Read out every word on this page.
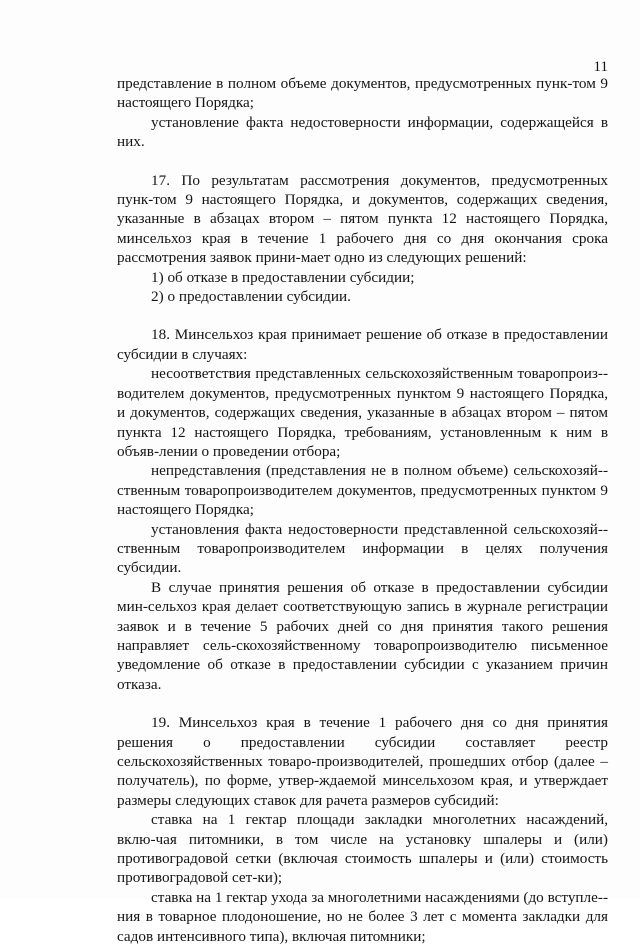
11

представление в полном объеме документов, предусмотренных пунк-том 9 настоящего Порядка;

установление факта недостоверности информации, содержащейся в них.

17. По результатам рассмотрения документов, предусмотренных пунк-том 9 настоящего Порядка, и документов, содержащих сведения, указанные в абзацах втором – пятом пункта 12 настоящего Порядка, минсельхоз края в течение 1 рабочего дня со дня окончания срока рассмотрения заявок прини-мает одно из следующих решений:

1) об отказе в предоставлении субсидии;

2) о предоставлении субсидии.

18. Минсельхоз края принимает решение об отказе в предоставлении субсидии в случаях:

несоответствия представленных сельскохозяйственным товаропроиз-водителем документов, предусмотренных пунктом 9 настоящего Порядка, и документов, содержащих сведения, указанные в абзацах втором – пятом пункта 12 настоящего Порядка, требованиям, установленным к ним в объяв-лении о проведении отбора;

непредставления (представления не в полном объеме) сельскохозяй-ственным товаропроизводителем документов, предусмотренных пунктом 9 настоящего Порядка;

установления факта недостоверности представленной сельскохозяй-ственным товаропроизводителем информации в целях получения субсидии.

В случае принятия решения об отказе в предоставлении субсидии мин-сельхоз края делает соответствующую запись в журнале регистрации заявок и в течение 5 рабочих дней со дня принятия такого решения направляет сель-скохозяйственному товаропроизводителю письменное уведомление об отказе в предоставлении субсидии с указанием причин отказа.

19. Минсельхоз края в течение 1 рабочего дня со дня принятия решения о предоставлении субсидии составляет реестр сельскохозяйственных товаро-производителей, прошедших отбор (далее – получатель), по форме, утвер-ждаемой минсельхозом края, и утверждает размеры следующих ставок для рачета размеров субсидий:

ставка на 1 гектар площади закладки многолетних насаждений, вклю-чая питомники, в том числе на установку шпалеры и (или) противоградовой сетки (включая стоимость шпалеры и (или) стоимость противоградовой сет-ки);

ставка на 1 гектар ухода за многолетними насаждениями (до вступле-ния в товарное плодоношение, но не более 3 лет с момента закладки для садов интенсивного типа), включая питомники;
